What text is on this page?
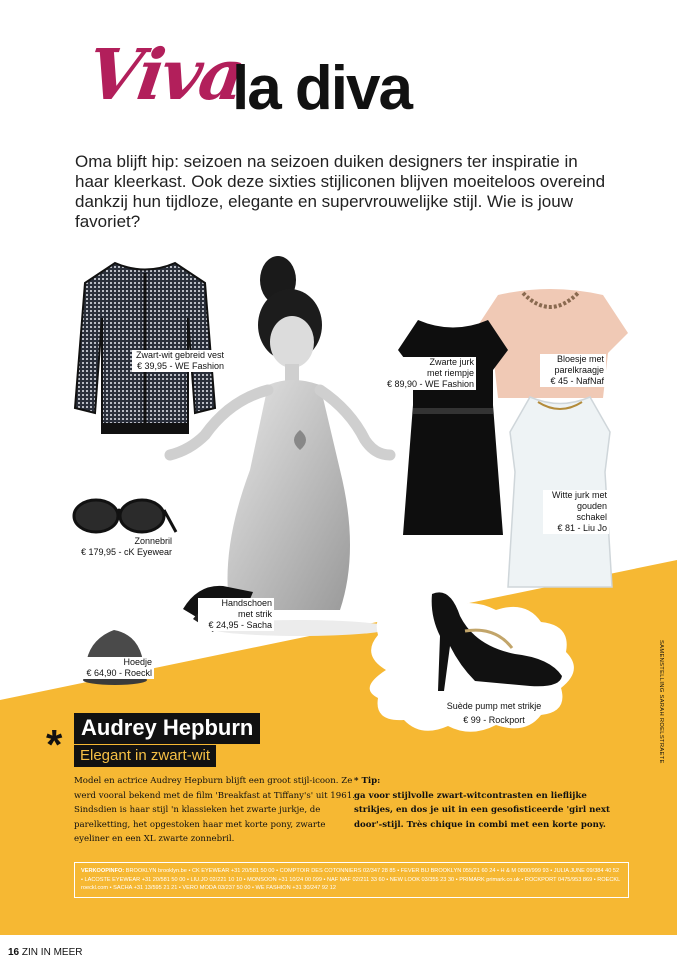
Viva
la diva
Oma blijft hip: seizoen na seizoen duiken designers ter inspiratie in haar kleerkast. Ook deze sixties stijliconen blijven moeiteloos overeind dankzij hun tijdloze, elegante en supervrouwelijke stijl. Wie is jouw favoriet?
Zwart-wit gebreid vest
€ 39,95 - WE Fashion
Bloesje met
parelkraagje
€ 45 - NafNaf
Witte jurk met
gouden schakel
€ 81 - Liu Jo
Zwarte jurk
met riempje
€ 89,90 - WE Fashion
Zonnebril
€ 179,95 - cK Eyewear
Handschoen
met strik
€ 24,95 - Sacha
Hoedje
€ 64,90 - Roeckl
Suède pump met strikje
€ 99 - Rockport
* Audrey Hepburn
Elegant in zwart-wit
Model en actrice Audrey Hepburn blijft een groot stijl-icoon. Ze werd vooral bekend met de film 'Breakfast at Tiffany's' uit 1961. Sindsdien is haar stijl 'n klassieken het zwarte jurkje, de parelketting, het opgestoken haar met korte pony, zwarte eyeliner en een XL zwarte zonnebril.
* Tip:
ga voor stijlvolle zwart-witcontrasten en lieflijke strikjes, en dos je uit in een gesofisticeerde 'girl next door'-stijl. Très chique in combi met een korte pony.
VERKOOPINFO: BROOKLYN brooklyn.be • CK EYEWEAR +31 20/581 50 00 • COMPTOIR DES COTONNIERS 02/347 28 85 • FEVER BIJ BROOKLYN 055/21 60 24 • H & M 0800/999 93 • JULIA JUNE 09/384 40 52 • LACOSTE EYEWEAR +31 20/581 50 00 • LIU.JO 02/221 10 10 • MONSOON +31 10/24 00 099 • NAF NAF 02/211 33 60 • NEW LOOK 03/355 23 30 • PRIMARK primark.co.uk • ROCKPORT 0475/953 869 • ROECKL roeckl.com • SACHA +31 13/595 21 21 • VERO MODA 03/237 50 00 • WE FASHION +31 30/247 92 12
SAMENSTELLING SARAH ROELSTRAETE
16 ZIN IN MEER
